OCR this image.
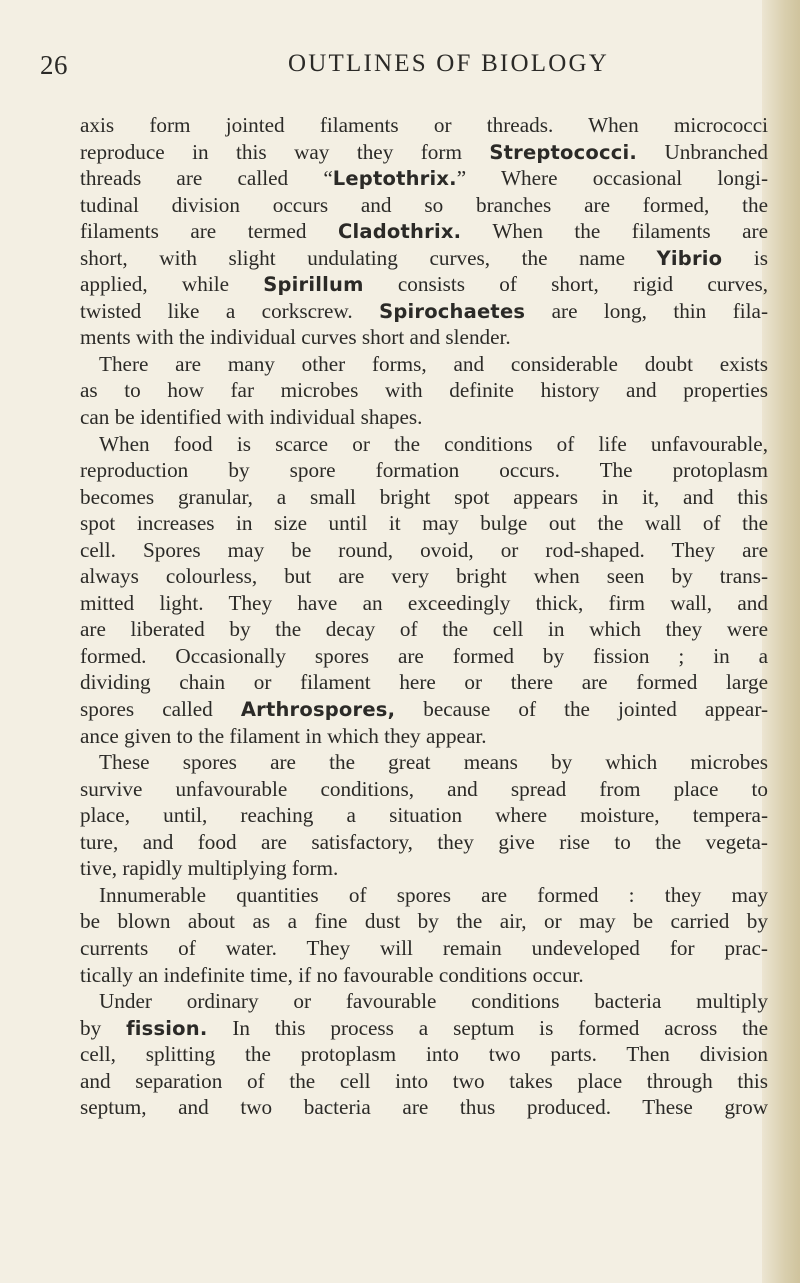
26	OUTLINES OF BIOLOGY
axis form jointed filaments or threads. When micrococci
reproduce in this way they form Streptococci. Unbranched
threads are called “Leptothrix.” Where occasional longi-
tudinal division occurs and so branches are formed, the
filaments are termed Cladothrix. When the filaments are
short, with slight undulating curves, the name Yibrio is
applied, while Spirillum consists of short, rigid curves,
twisted like a corkscrew. Spirochaetes are long, thin fila-
ments with the individual curves short and slender.
There are many other forms, and considerable doubt exists
as to how far microbes with definite history and properties
can be identified with individual shapes.
When food is scarce or the conditions of life unfavourable,
reproduction by spore formation occurs. The protoplasm
becomes granular, a small bright spot appears in it, and this
spot increases in size until it may bulge out the wall of the
cell. Spores may be round, ovoid, or rod-shaped. They are
always colourless, but are very bright when seen by trans-
mitted light. They have an exceedingly thick, firm wall, and
are liberated by the decay of the cell in which they were
formed. Occasionally spores are formed by fission ; in a
dividing chain or filament here or there are formed large
spores called Arthrospores, because of the jointed appear-
ance given to the filament in which they appear.
These spores are the great means by which microbes
survive unfavourable conditions, and spread from place to
place, until, reaching a situation where moisture, tempera-
ture, and food are satisfactory, they give rise to the vegeta-
tive, rapidly multiplying form.
Innumerable quantities of spores are formed : they may
be blown about as a fine dust by the air, or may be carried by
currents of water. They will remain undeveloped for prac-
tically an indefinite time, if no favourable conditions occur.
Under ordinary or favourable conditions bacteria multiply
by fission. In this process a septum is formed across the
cell, splitting the protoplasm into two parts. Then division
and separation of the cell into two takes place through this
septum, and two bacteria are thus produced. These grow
